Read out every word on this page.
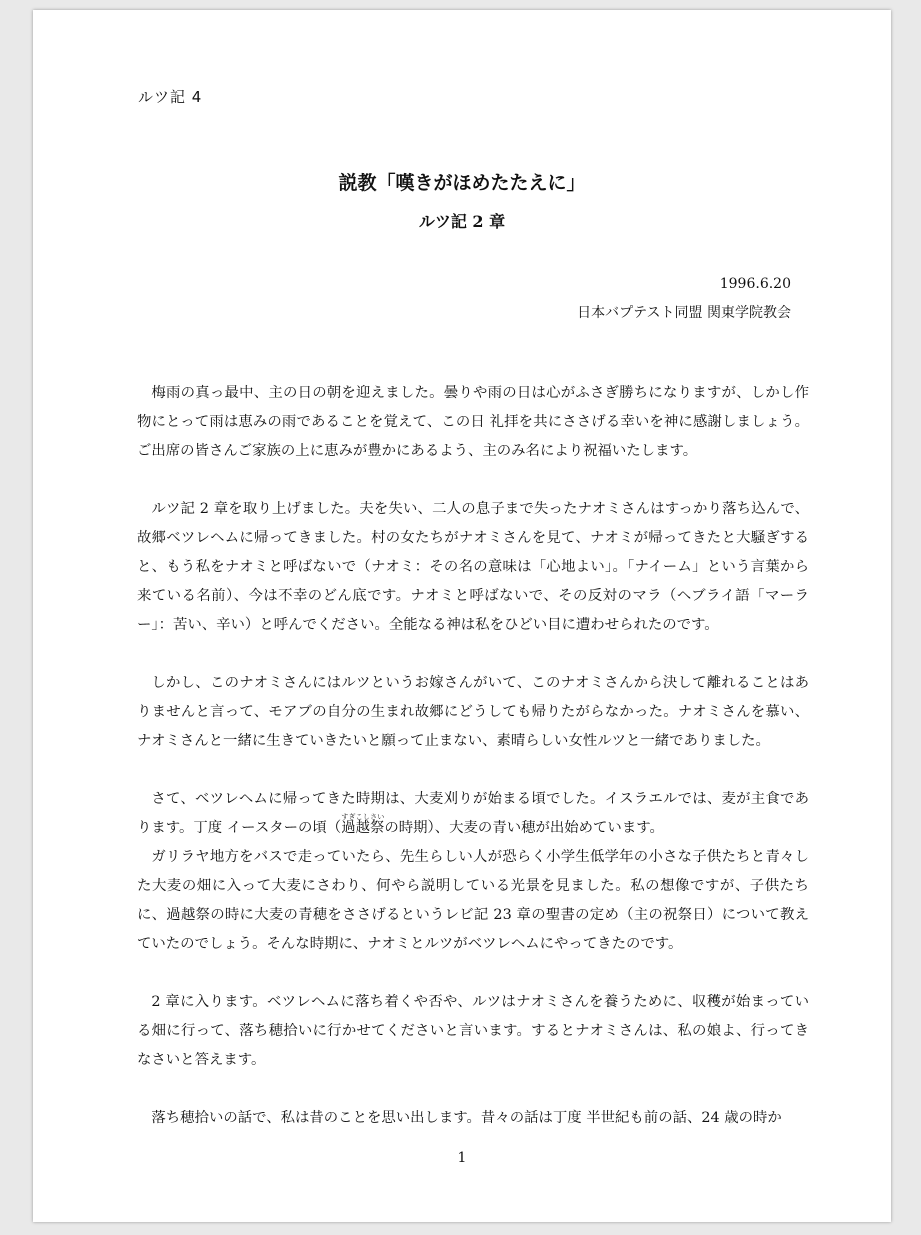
ルツ記 4
説教「嘆きがほめたたえに」
ルツ記 2 章
1996.6.20
日本バプテスト同盟 関東学院教会

梅雨の真っ最中、主の日の朝を迎えました。曇りや雨の日は心がふさぎ勝ちになりますが、しかし作物にとって雨は恵みの雨であることを覚えて、この日 礼拝を共にささげる幸いを神に感謝しましょう。ご出席の皆さんご家族の上に恵みが豊かにあるよう、主のみ名により祝福いたします。

ルツ記 2 章を取り上げました。夫を失い、二人の息子まで失ったナオミさんはすっかり落ち込んで、故郷ベツレヘムに帰ってきました。村の女たちがナオミさんを見て、ナオミが帰ってきたと大騒ぎすると、もう私をナオミと呼ばないで（ナオミ：その名の意味は「心地よい」。「ナイーム」という言葉から来ている名前）、今は不幸のどん底です。ナオミと呼ばないで、その反対のマラ（ヘブライ語「マーラー」：苦い、辛い）と呼んでください。全能なる神は私をひどい目に遭わせられたのです。

しかし、このナオミさんにはルツというお嫁さんがいて、このナオミさんから決して離れることはありませんと言って、モアブの自分の生まれ故郷にどうしても帰りたがらなかった。ナオミさんを慕い、ナオミさんと一緒に生きていきたいと願って止まない、素晴らしい女性ルツと一緒でありました。

さて、ベツレヘムに帰ってきた時期は、大麦刈りが始まる頃でした。イスラエルでは、麦が主食であります。丁度 イースターの頃（過越祭すぎこしさいの時期）、大麦の青い穂が出始めています。

ガリラヤ地方をバスで走っていたら、先生らしい人が恐らく小学生低学年の小さな子供たちと青々した大麦の畑に入って大麦にさわり、何やら説明している光景を見ました。私の想像ですが、子供たちに、過越祭の時に大麦の青穂をささげるというレビ記 23 章の聖書の定め（主の祝祭日）について教えていたのでしょう。そんな時期に、ナオミとルツがベツレヘムにやってきたのです。

2 章に入ります。ベツレヘムに落ち着くや否や、ルツはナオミさんを養うために、収穫が始まっている畑に行って、落ち穂拾いに行かせてくださいと言います。するとナオミさんは、私の娘よ、行ってきなさいと答えます。

落ち穂拾いの話で、私は昔のことを思い出します。昔々の話は丁度 半世紀も前の話、24 歳の時か

1
